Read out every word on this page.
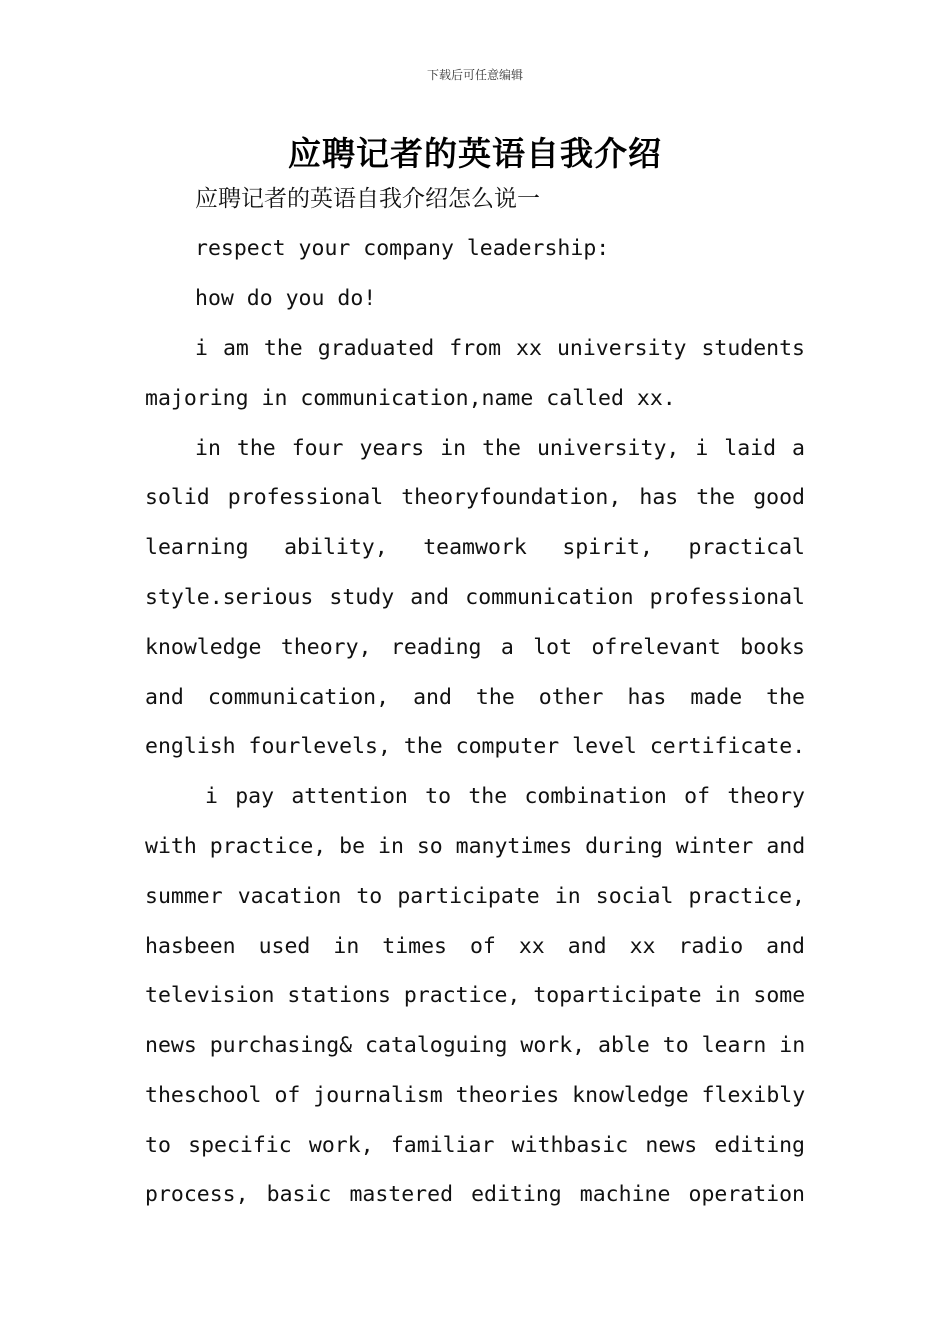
下载后可任意编辑
应聘记者的英语自我介绍
应聘记者的英语自我介绍怎么说一
respect your company leadership:
how do you do!
i am the graduated from xx university students
majoring in communication,name called xx.
in the four years in the university, i laid a
solid professional theoryfoundation, has the good
learning ability, teamwork spirit, practical
style.serious study and communication professional
knowledge theory, reading a lot ofrelevant books
and communication, and the other has made the
english fourlevels, the computer level certificate.
i pay attention to the combination of theory
with practice, be in so manytimes during winter and
summer vacation to participate in social practice,
hasbeen used in times of xx and xx radio and
television stations practice, toparticipate in some
news purchasing& cataloguing work, able to learn in
theschool of journalism theories knowledge flexibly
to specific work, familiar withbasic news editing
process, basic mastered editing machine operation
